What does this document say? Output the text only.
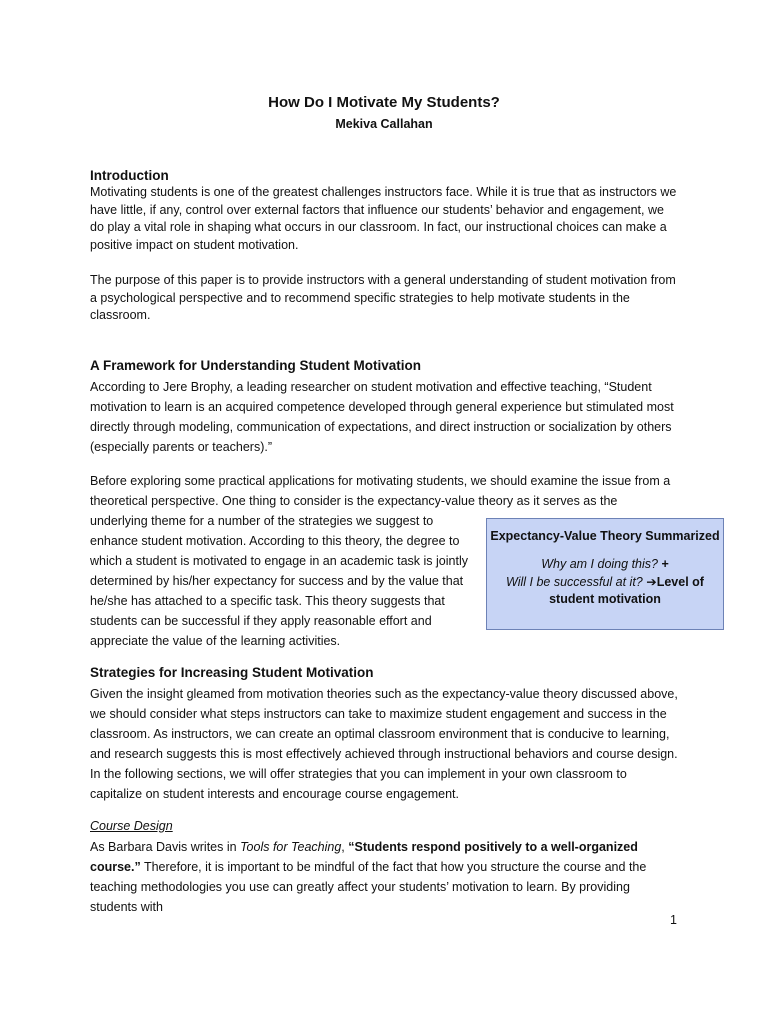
How Do I Motivate My Students?

Mekiva Callahan

Introduction

Motivating students is one of the greatest challenges instructors face. While it is true that as instructors we have little, if any, control over external factors that influence our students’ behavior and engagement, we do play a vital role in shaping what occurs in our classroom. In fact, our instructional choices can make a positive impact on student motivation.

The purpose of this paper is to provide instructors with a general understanding of student motivation from a psychological perspective and to recommend specific strategies to help motivate students in the classroom.

A Framework for Understanding Student Motivation

According to Jere Brophy, a leading researcher on student motivation and effective teaching, “Student motivation to learn is an acquired competence developed through general experience but stimulated most directly through modeling, communication of expectations, and direct instruction or socialization by others (especially parents or teachers).”

Before exploring some practical applications for motivating students, we should examine the issue from a theoretical perspective. One thing to consider is the expectancy-value theory as it serves as the

underlying theme for a number of the strategies we suggest to enhance student motivation. According to this theory, the degree to which a student is motivated to engage in an academic task is jointly determined by his/her expectancy for success and by the value that he/she has attached to a specific task. This theory suggests that students can be successful if they apply reasonable effort and appreciate the value of the learning activities.

Expectancy-Value Theory Summarized
Why am I doing this? +
Will I be successful at it? ➔Level of
student motivation
Strategies for Increasing Student Motivation

Given the insight gleamed from motivation theories such as the expectancy-value theory discussed above, we should consider what steps instructors can take to maximize student engagement and success in the classroom. As instructors, we can create an optimal classroom environment that is conducive to learning, and research suggests this is most effectively achieved through instructional behaviors and course design. In the following sections, we will offer strategies that you can implement in your own classroom to capitalize on student interests and encourage course engagement.

Course Design

As Barbara Davis writes in Tools for Teaching, “Students respond positively to a well-organized course.” Therefore, it is important to be mindful of the fact that how you structure the course and the teaching methodologies you use can greatly affect your students’ motivation to learn. By providing students with

1
